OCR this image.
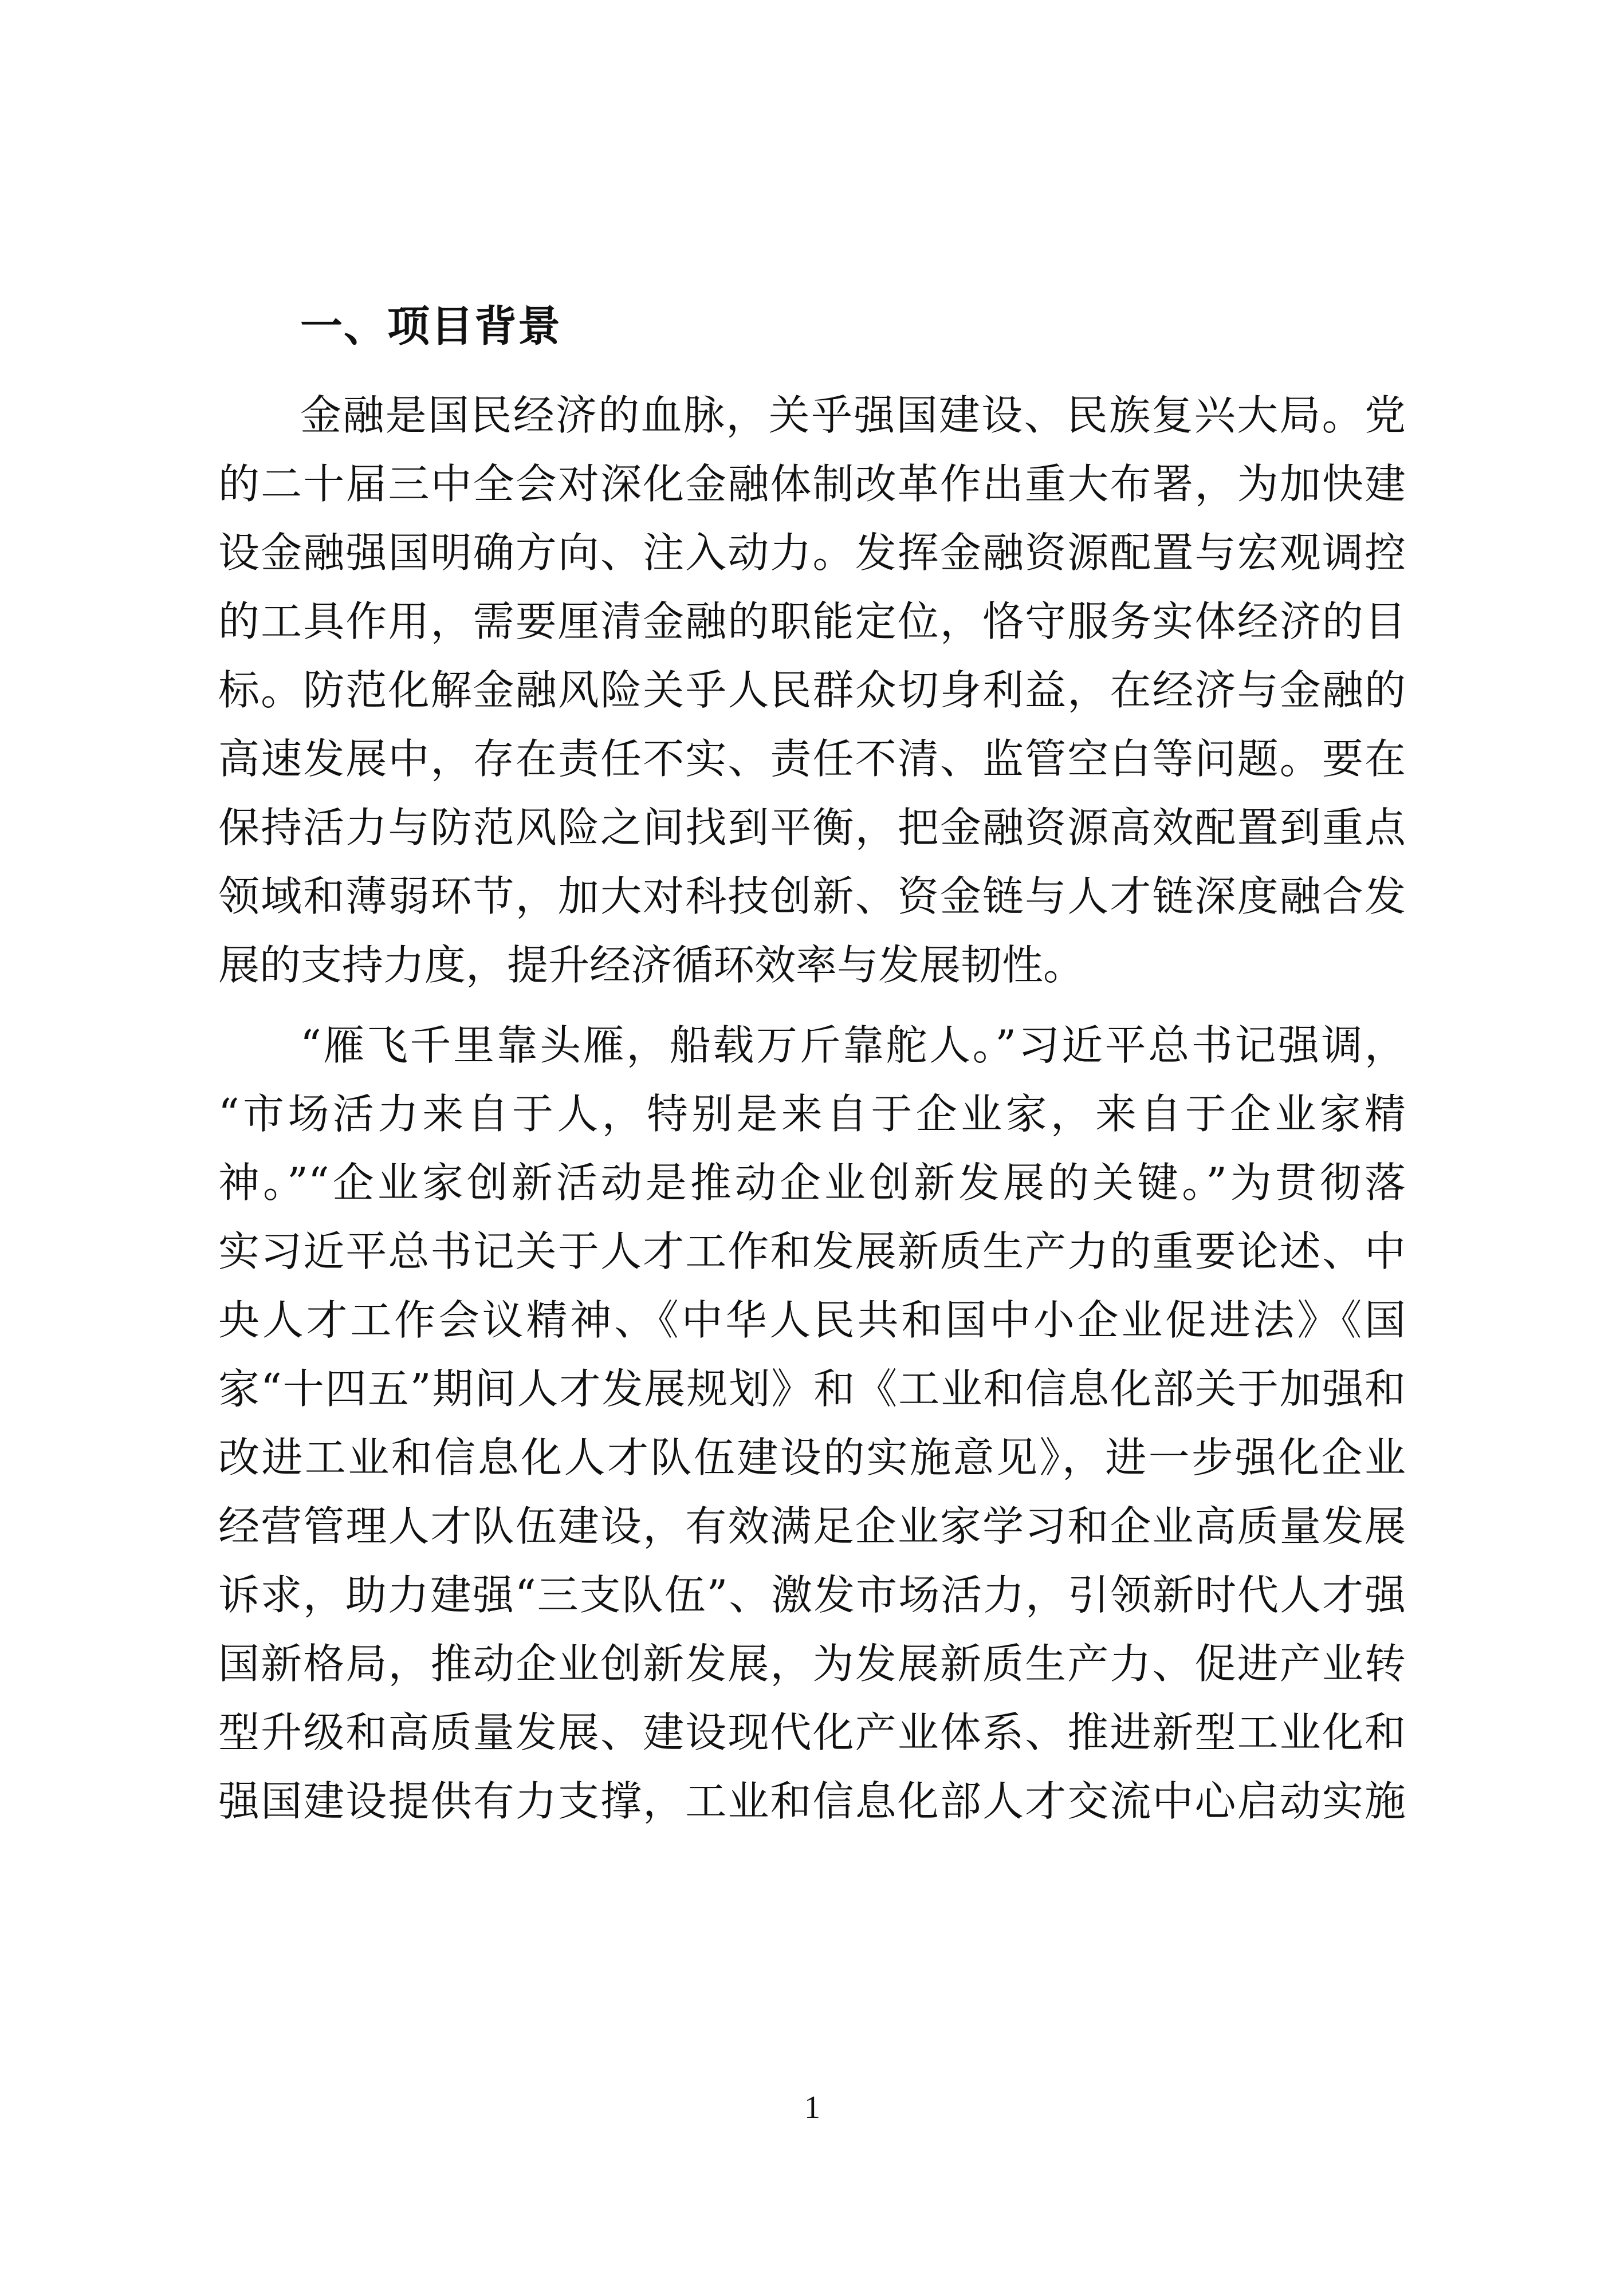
一、项目背景
金融是国民经济的血脉，关乎强国建设、民族复兴大局。党
的二十届三中全会对深化金融体制改革作出重大布署，为加快建
设金融强国明确方向、注入动力。发挥金融资源配置与宏观调控
的工具作用，需要厘清金融的职能定位，恪守服务实体经济的目
标。防范化解金融风险关乎人民群众切身利益，在经济与金融的
高速发展中，存在责任不实、责任不清、监管空白等问题。要在
保持活力与防范风险之间找到平衡，把金融资源高效配置到重点
领域和薄弱环节，加大对科技创新、资金链与人才链深度融合发
展的支持力度，提升经济循环效率与发展韧性。
“雁飞千里靠头雁，船载万斤靠舵人。”习近平总书记强调，
“市场活力来自于人，特别是来自于企业家，来自于企业家精
神。”“企业家创新活动是推动企业创新发展的关键。”为贯彻落
实习近平总书记关于人才工作和发展新质生产力的重要论述、中
央人才工作会议精神、《中华人民共和国中小企业促进法》《国
家“十四五”期间人才发展规划》和《工业和信息化部关于加强和
改进工业和信息化人才队伍建设的实施意见》，进一步强化企业
经营管理人才队伍建设，有效满足企业家学习和企业高质量发展
诉求，助力建强“三支队伍”、激发市场活力，引领新时代人才强
国新格局，推动企业创新发展，为发展新质生产力、促进产业转
型升级和高质量发展、建设现代化产业体系、推进新型工业化和
强国建设提供有力支撑，工业和信息化部人才交流中心启动实施
1
